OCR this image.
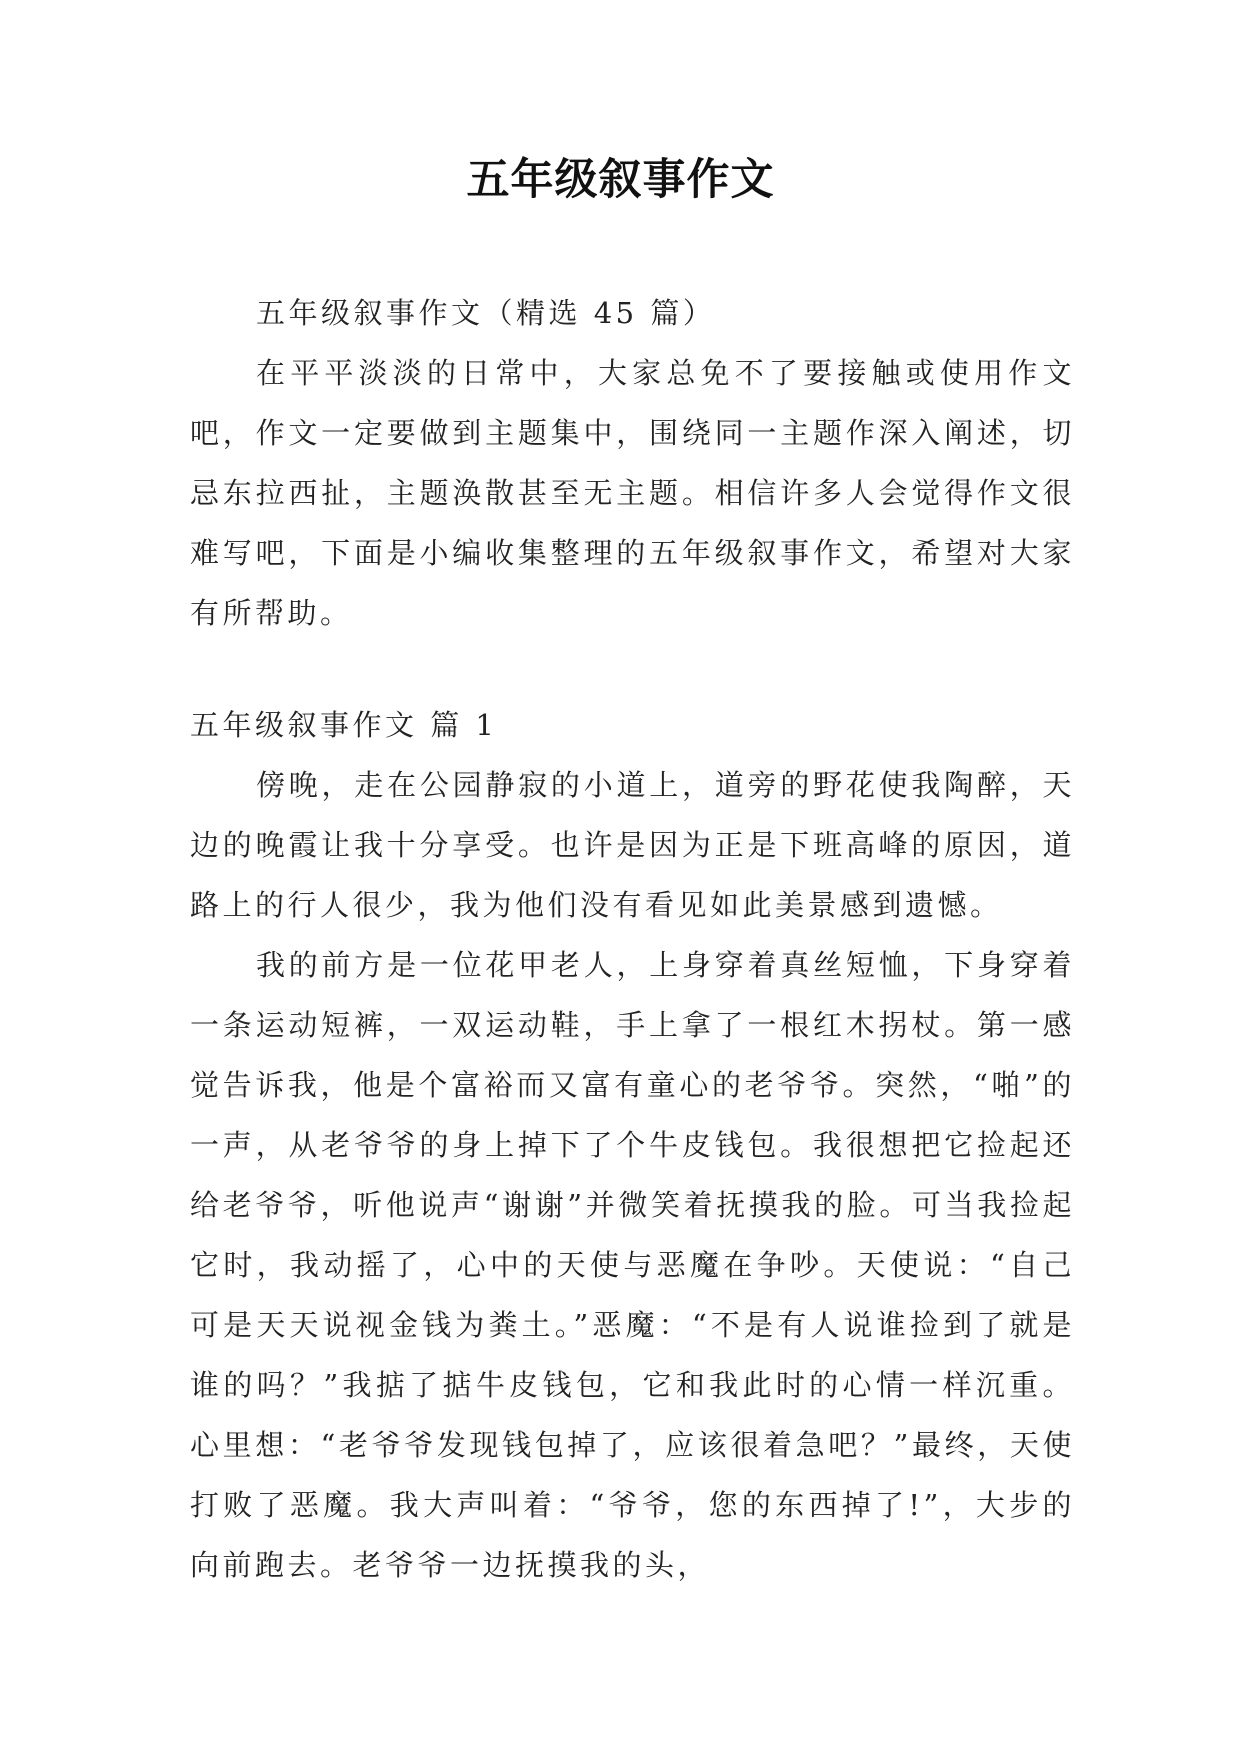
五年级叙事作文

五年级叙事作文（精选 45 篇）

在平平淡淡的日常中，大家总免不了要接触或使用作文吧，作文一定要做到主题集中，围绕同一主题作深入阐述，切忌东拉西扯，主题涣散甚至无主题。相信许多人会觉得作文很难写吧，下面是小编收集整理的五年级叙事作文，希望对大家有所帮助。

五年级叙事作文 篇 1

傍晚，走在公园静寂的小道上，道旁的野花使我陶醉，天边的晚霞让我十分享受。也许是因为正是下班高峰的原因，道路上的行人很少，我为他们没有看见如此美景感到遗憾。

我的前方是一位花甲老人，上身穿着真丝短恤，下身穿着一条运动短裤，一双运动鞋，手上拿了一根红木拐杖。第一感觉告诉我，他是个富裕而又富有童心的老爷爷。突然，“啪”的一声，从老爷爷的身上掉下了个牛皮钱包。我很想把它捡起还给老爷爷，听他说声“谢谢”并微笑着抚摸我的脸。可当我捡起它时，我动摇了，心中的天使与恶魔在争吵。天使说：“自己可是天天说视金钱为粪土。”恶魔：“不是有人说谁捡到了就是谁的吗？”我掂了掂牛皮钱包，它和我此时的心情一样沉重。心里想：“老爷爷发现钱包掉了，应该很着急吧？”最终，天使打败了恶魔。我大声叫着：“爷爷，您的东西掉了!”，大步的向前跑去。老爷爷一边抚摸我的头，
